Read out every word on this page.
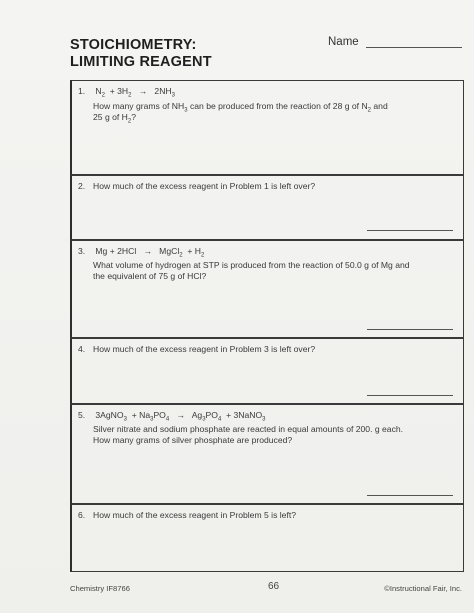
STOICHIOMETRY:
LIMITING REAGENT
Name
1. $N_2 + 3H_2 \to 2NH_3$
How many grams of $NH_3$ can be produced from the reaction of 28 g of $N_2$ and
25 g of $H_2$?
2. How much of the excess reagent in Problem 1 is left over?
3. Mg + 2HCl → MgCl$_2$ + $H_2$
What volume of hydrogen at STP is produced from the reaction of 50.0 g of Mg and
the equivalent of 75 g of HCl?
4. How much of the excess reagent in Problem 3 is left over?
5. 3AgNO$_3$ + $Na_3PO_4 \to Ag_3PO_4$ + 3NaNO$_3$
Silver nitrate and sodium phosphate are reacted in equal amounts of 200. g each.
How many grams of silver phosphate are produced?
6. How much of the excess reagent in Problem 5 is left?
Chemistry IF8766	66	©Instructional Fair, Inc.
